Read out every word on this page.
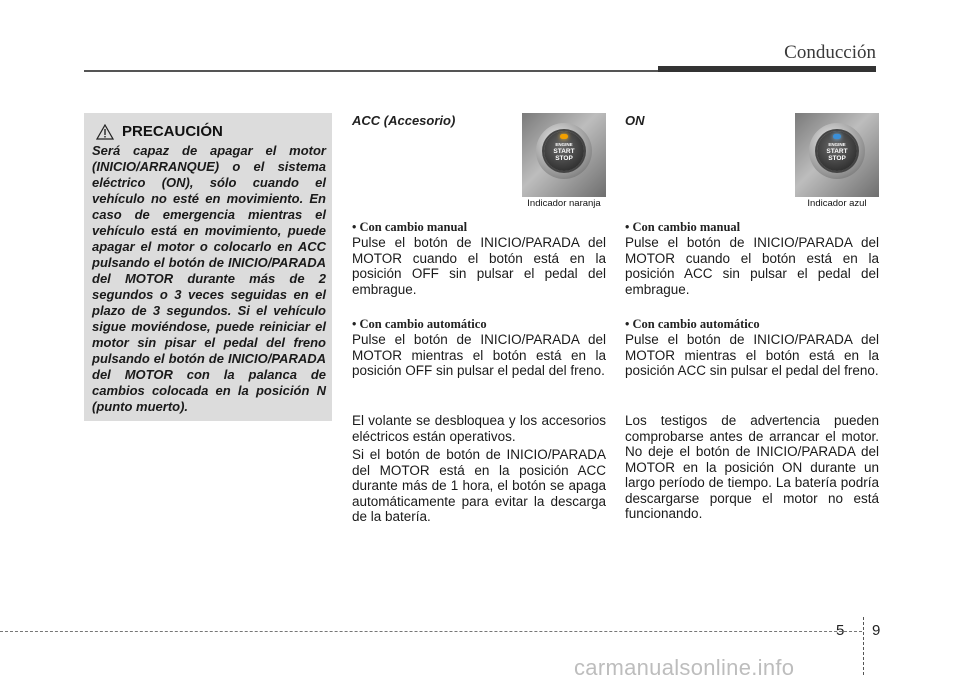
Conducción
PRECAUCIÓN
Será capaz de apagar el motor (INICIO/ARRANQUE) o el sistema eléctrico (ON), sólo cuando el vehículo no esté en movimiento. En caso de emergencia mientras el vehículo está en movimiento, puede apagar el motor o colocarlo en ACC pulsando el botón de INICIO/PARADA del MOTOR durante más de 2 segundos o 3 veces seguidas en el plazo de 3 segundos. Si el vehículo sigue moviéndose, puede reiniciar el motor sin pisar el pedal del freno pulsando el botón de INICIO/PARADA del MOTOR con la palanca de cambios colocada en la posición N (punto muerto).
ACC (Accesorio)
ENGINE
START
STOP
Indicador naranja
• Con cambio manual
Pulse el botón de INICIO/PARADA del MOTOR cuando el botón está en la posición OFF sin pulsar el pedal del embrague.
• Con cambio automático
Pulse el botón de INICIO/PARADA del MOTOR mientras el botón está en la posición OFF sin pulsar el pedal del freno.
El volante se desbloquea y los accesorios eléctricos están operativos.
Si el botón de botón de INICIO/PARADA del MOTOR está en la posición ACC durante más de 1 hora, el botón se apaga automáticamente para evitar la descarga de la batería.
ON
ENGINE
START
STOP
Indicador azul
• Con cambio manual
Pulse el botón de INICIO/PARADA del MOTOR cuando el botón está en la posición ACC sin pulsar el pedal del embrague.
• Con cambio automático
Pulse el botón de INICIO/PARADA del MOTOR mientras el botón está en la posición ACC sin pulsar el pedal del freno.
Los testigos de advertencia pueden comprobarse antes de arrancar el motor. No deje el botón de INICIO/PARADA del MOTOR en la posición ON durante un largo período de tiempo. La batería podría descargarse porque el motor no está funcionando.
5 9
carmanualsonline.info
